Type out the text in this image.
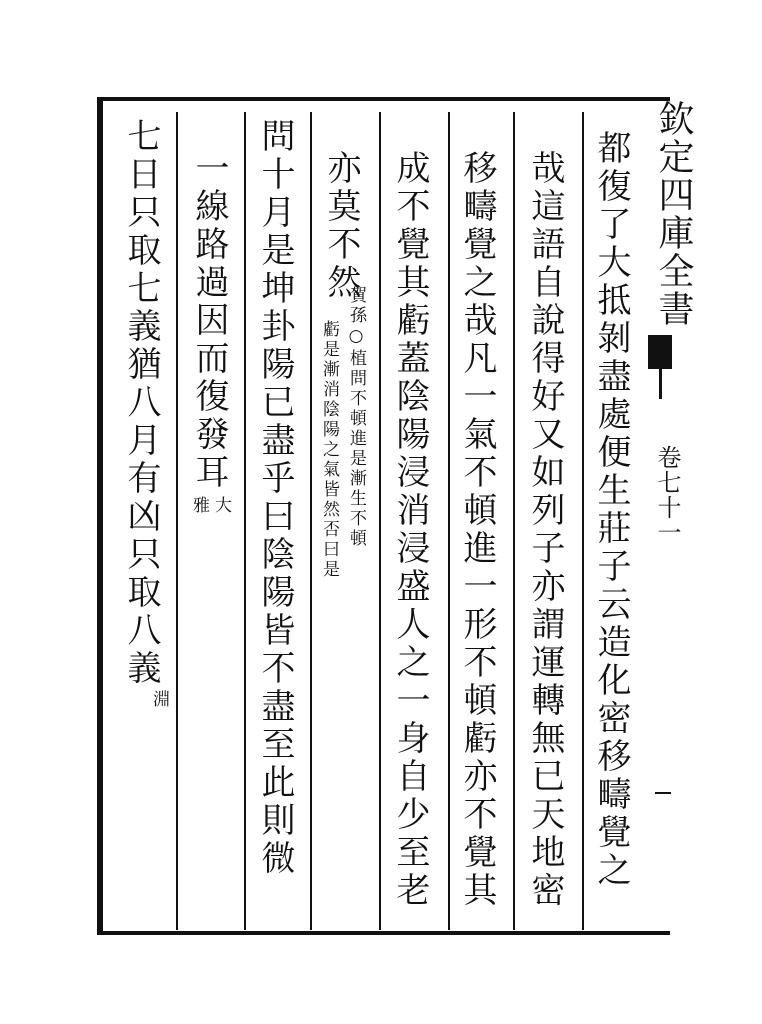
欽定四庫全書
卷七十一
都復了大抵剝盡處便生莊子云造化密移疇覺之
哉這語自說得好又如列子亦謂運轉無已天地密
移疇覺之哉凡一氣不頓進一形不頓虧亦不覺其
成不覺其虧蓋陰陽浸消浸盛人之一身自少至老
亦莫不然
賀孫○植問不頓進是漸生不頓
虧是漸消陰陽之氣皆然否曰是
問十月是坤卦陽已盡乎曰陰陽皆不盡至此則微
一線路過因而復發耳
大
雅
七日只取七義猶八月有凶只取八義
淵
